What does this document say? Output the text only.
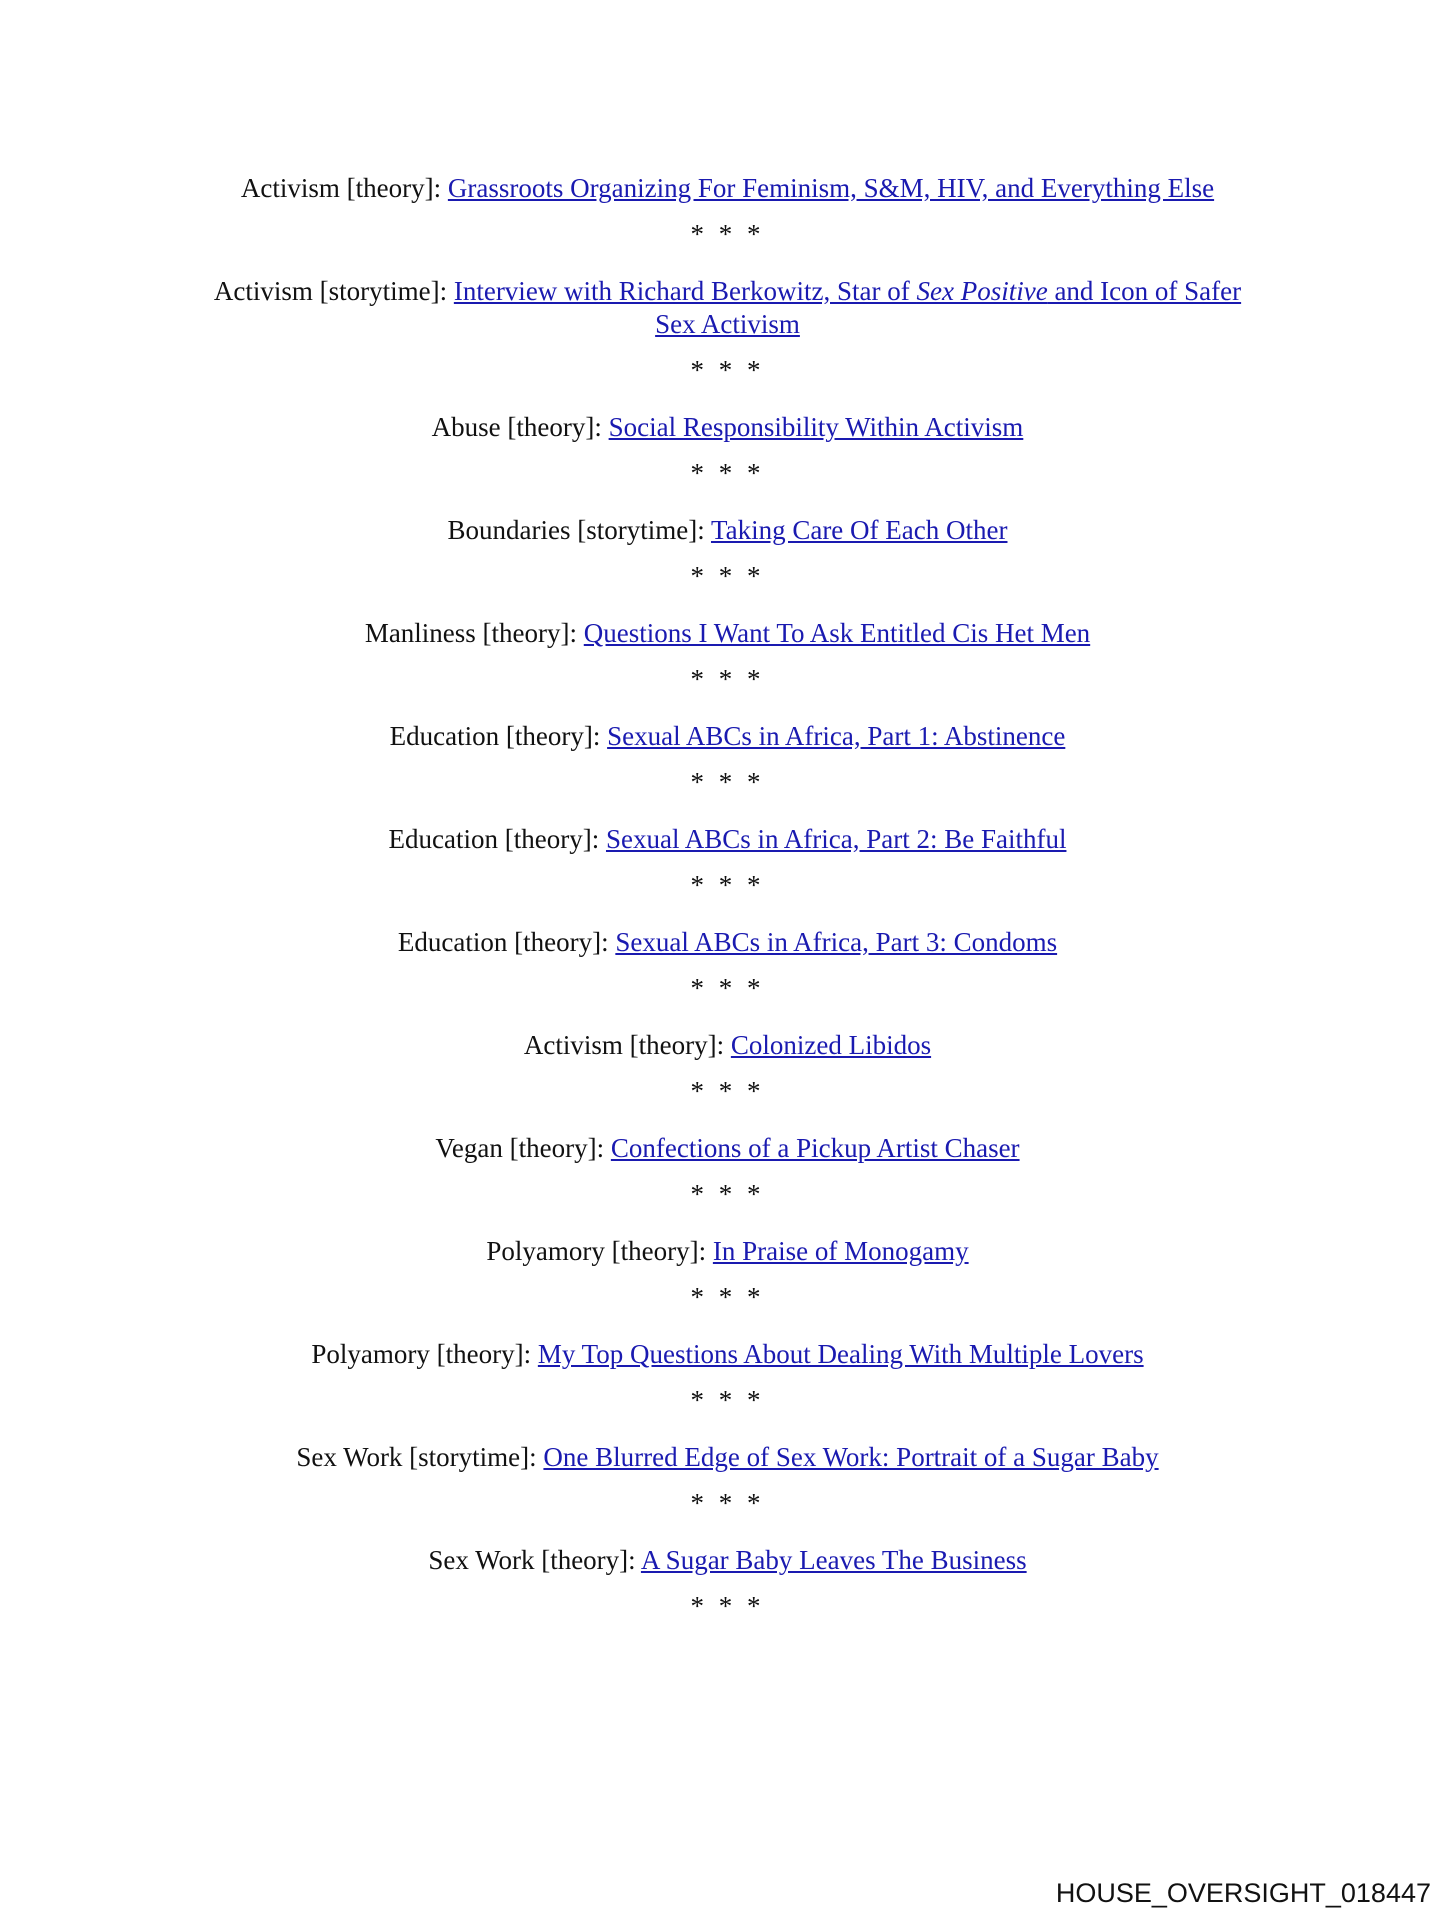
Activism [theory]: Grassroots Organizing For Feminism, S&M, HIV, and Everything Else

* * *

Activism [storytime]: Interview with Richard Berkowitz, Star of Sex Positive and Icon of Safer Sex Activism

* * *

Abuse [theory]: Social Responsibility Within Activism

* * *

Boundaries [storytime]: Taking Care Of Each Other

* * *

Manliness [theory]: Questions I Want To Ask Entitled Cis Het Men

* * *

Education [theory]: Sexual ABCs in Africa, Part 1: Abstinence

* * *

Education [theory]: Sexual ABCs in Africa, Part 2: Be Faithful

* * *

Education [theory]: Sexual ABCs in Africa, Part 3: Condoms

* * *

Activism [theory]: Colonized Libidos

* * *

Vegan [theory]: Confections of a Pickup Artist Chaser

* * *

Polyamory [theory]: In Praise of Monogamy

* * *

Polyamory [theory]: My Top Questions About Dealing With Multiple Lovers

* * *

Sex Work [storytime]: One Blurred Edge of Sex Work: Portrait of a Sugar Baby

* * *

Sex Work [theory]: A Sugar Baby Leaves The Business

* * *

HOUSE_OVERSIGHT_018447
